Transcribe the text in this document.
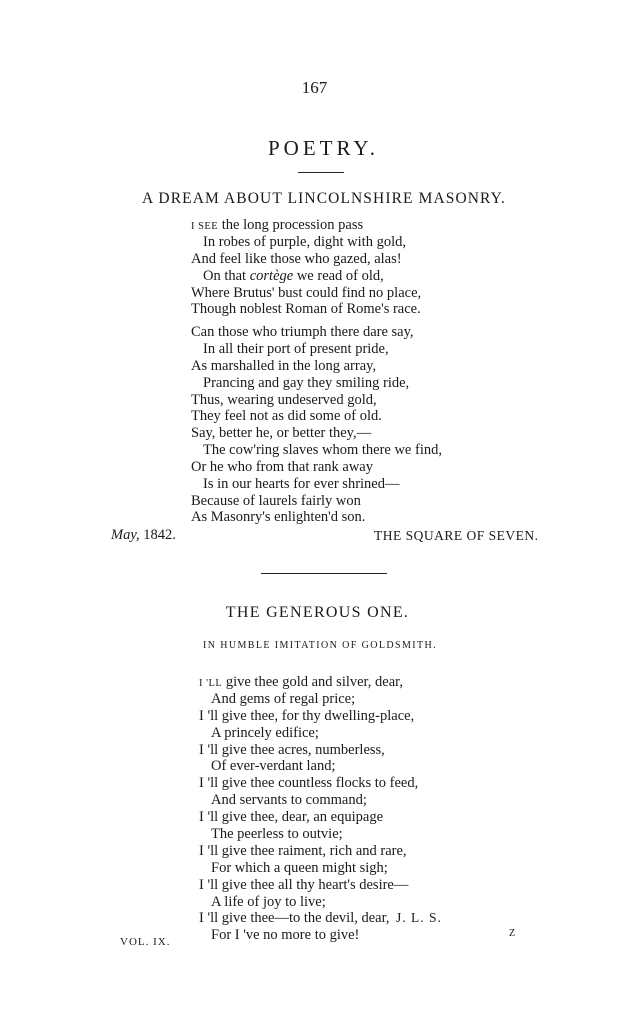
167
POETRY.
A DREAM ABOUT LINCOLNSHIRE MASONRY.
I SEE the long procession pass
In robes of purple, dight with gold,
And feel like those who gazed, alas!
On that cortège we read of old,
Where Brutus' bust could find no place,
Though noblest Roman of Rome's race.
Can those who triumph there dare say,
In all their port of present pride,
As marshalled in the long array,
Prancing and gay they smiling ride,
Thus, wearing undeserved gold,
They feel not as did some of old.
Say, better he, or better they,—
The cow'ring slaves whom there we find,
Or he who from that rank away
Is in our hearts for ever shrined—
Because of laurels fairly won
As Masonry's enlighten'd son.
May, 1842.	THE SQUARE OF SEVEN.
THE GENEROUS ONE.
IN HUMBLE IMITATION OF GOLDSMITH.
I 'LL give thee gold and silver, dear,
And gems of regal price;
I 'll give thee, for thy dwelling-place,
A princely edifice;
I 'll give thee acres, numberless,
Of ever-verdant land;
I 'll give thee countless flocks to feed,
And servants to command;
I 'll give thee, dear, an equipage
The peerless to outvie;
I 'll give thee raiment, rich and rare,
For which a queen might sigh;
I 'll give thee all thy heart's desire—
A life of joy to live;
I 'll give thee—to the devil, dear,
For I 've no more to give!
J. L. S.
VOL. IX.
Z
